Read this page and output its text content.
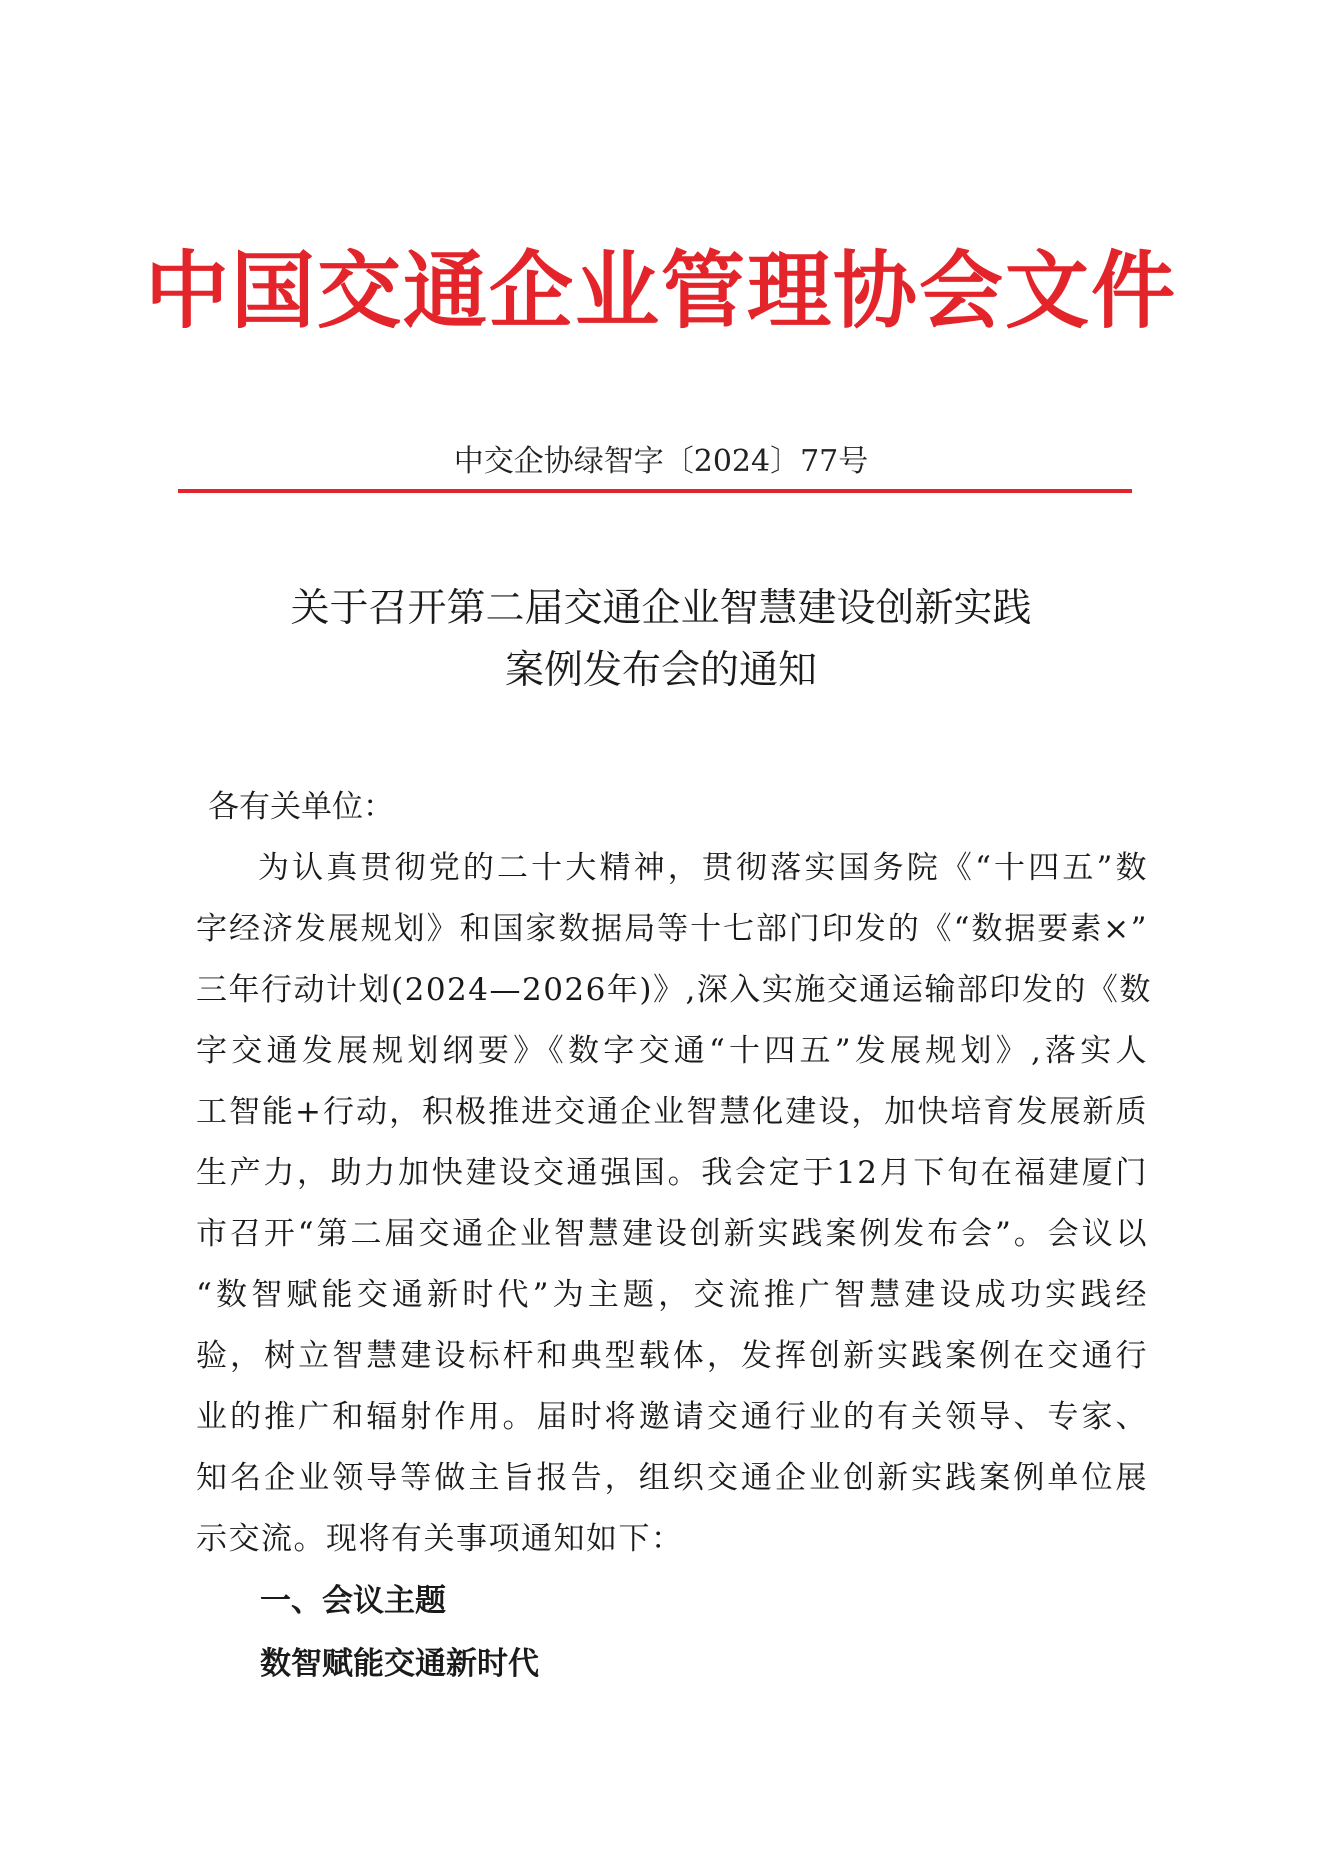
中国交通企业管理协会文件
中交企协绿智字〔2024〕77号
关于召开第二届交通企业智慧建设创新实践
案例发布会的通知
各有关单位：
为认真贯彻党的二十大精神，贯彻落实国务院《“十四五”数
字经济发展规划》和国家数据局等十七部门印发的《“数据要素×”
三年行动计划(2024—2026年)》,深入实施交通运输部印发的《数
字交通发展规划纲要》《数字交通“十四五”发展规划》,落实人
工智能+行动，积极推进交通企业智慧化建设，加快培育发展新质
生产力，助力加快建设交通强国。我会定于12月下旬在福建厦门
市召开“第二届交通企业智慧建设创新实践案例发布会”。会议以
“数智赋能交通新时代”为主题，交流推广智慧建设成功实践经
验，树立智慧建设标杆和典型载体，发挥创新实践案例在交通行
业的推广和辐射作用。届时将邀请交通行业的有关领导、专家、
知名企业领导等做主旨报告，组织交通企业创新实践案例单位展
示交流。现将有关事项通知如下：
一、会议主题
数智赋能交通新时代
